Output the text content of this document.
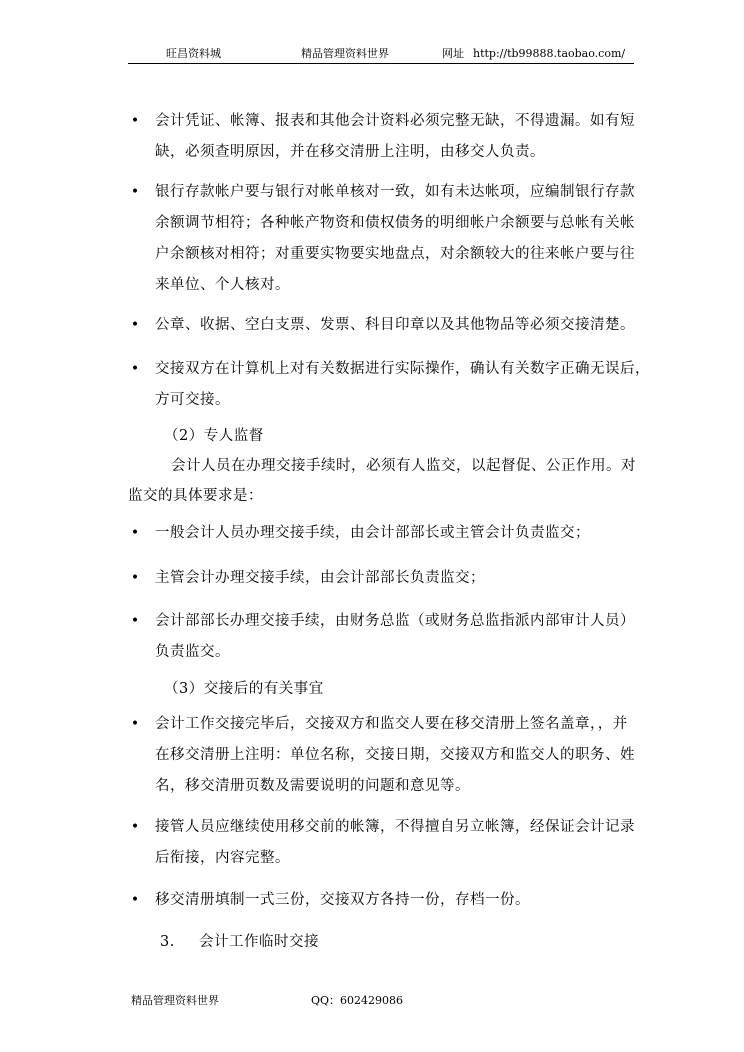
旺昌资料城	精品管理资料世界	网址 http://tb99888.taobao.com/
•
会计凭证、帐簿、报表和其他会计资料必须完整无缺，不得遗漏。如有短
缺，必须查明原因，并在移交清册上注明，由移交人负责。
•
银行存款帐户要与银行对帐单核对一致，如有未达帐项，应编制银行存款
余额调节相符；各种帐产物资和债权债务的明细帐户余额要与总帐有关帐
户余额核对相符；对重要实物要实地盘点，对余额较大的往来帐户要与往
来单位、个人核对。
•
公章、收据、空白支票、发票、科目印章以及其他物品等必须交接清楚。
•
交接双方在计算机上对有关数据进行实际操作，确认有关数字正确无误后，
方可交接。
（2）专人监督
会计人员在办理交接手续时，必须有人监交，以起督促、公正作用。对
监交的具体要求是：
•
一般会计人员办理交接手续，由会计部部长或主管会计负责监交；
•
主管会计办理交接手续，由会计部部长负责监交；
•
会计部部长办理交接手续，由财务总监（或财务总监指派内部审计人员）
负责监交。
（3）交接后的有关事宜
•
会计工作交接完毕后，交接双方和监交人要在移交清册上签名盖章，，并
在移交清册上注明：单位名称，交接日期，交接双方和监交人的职务、姓
名，移交清册页数及需要说明的问题和意见等。
•
接管人员应继续使用移交前的帐簿，不得擅自另立帐簿，经保证会计记录
后衔接，内容完整。
•
移交清册填制一式三份，交接双方各持一份，存档一份。
3. 会计工作临时交接
精品管理资料世界	QQ：602429086
